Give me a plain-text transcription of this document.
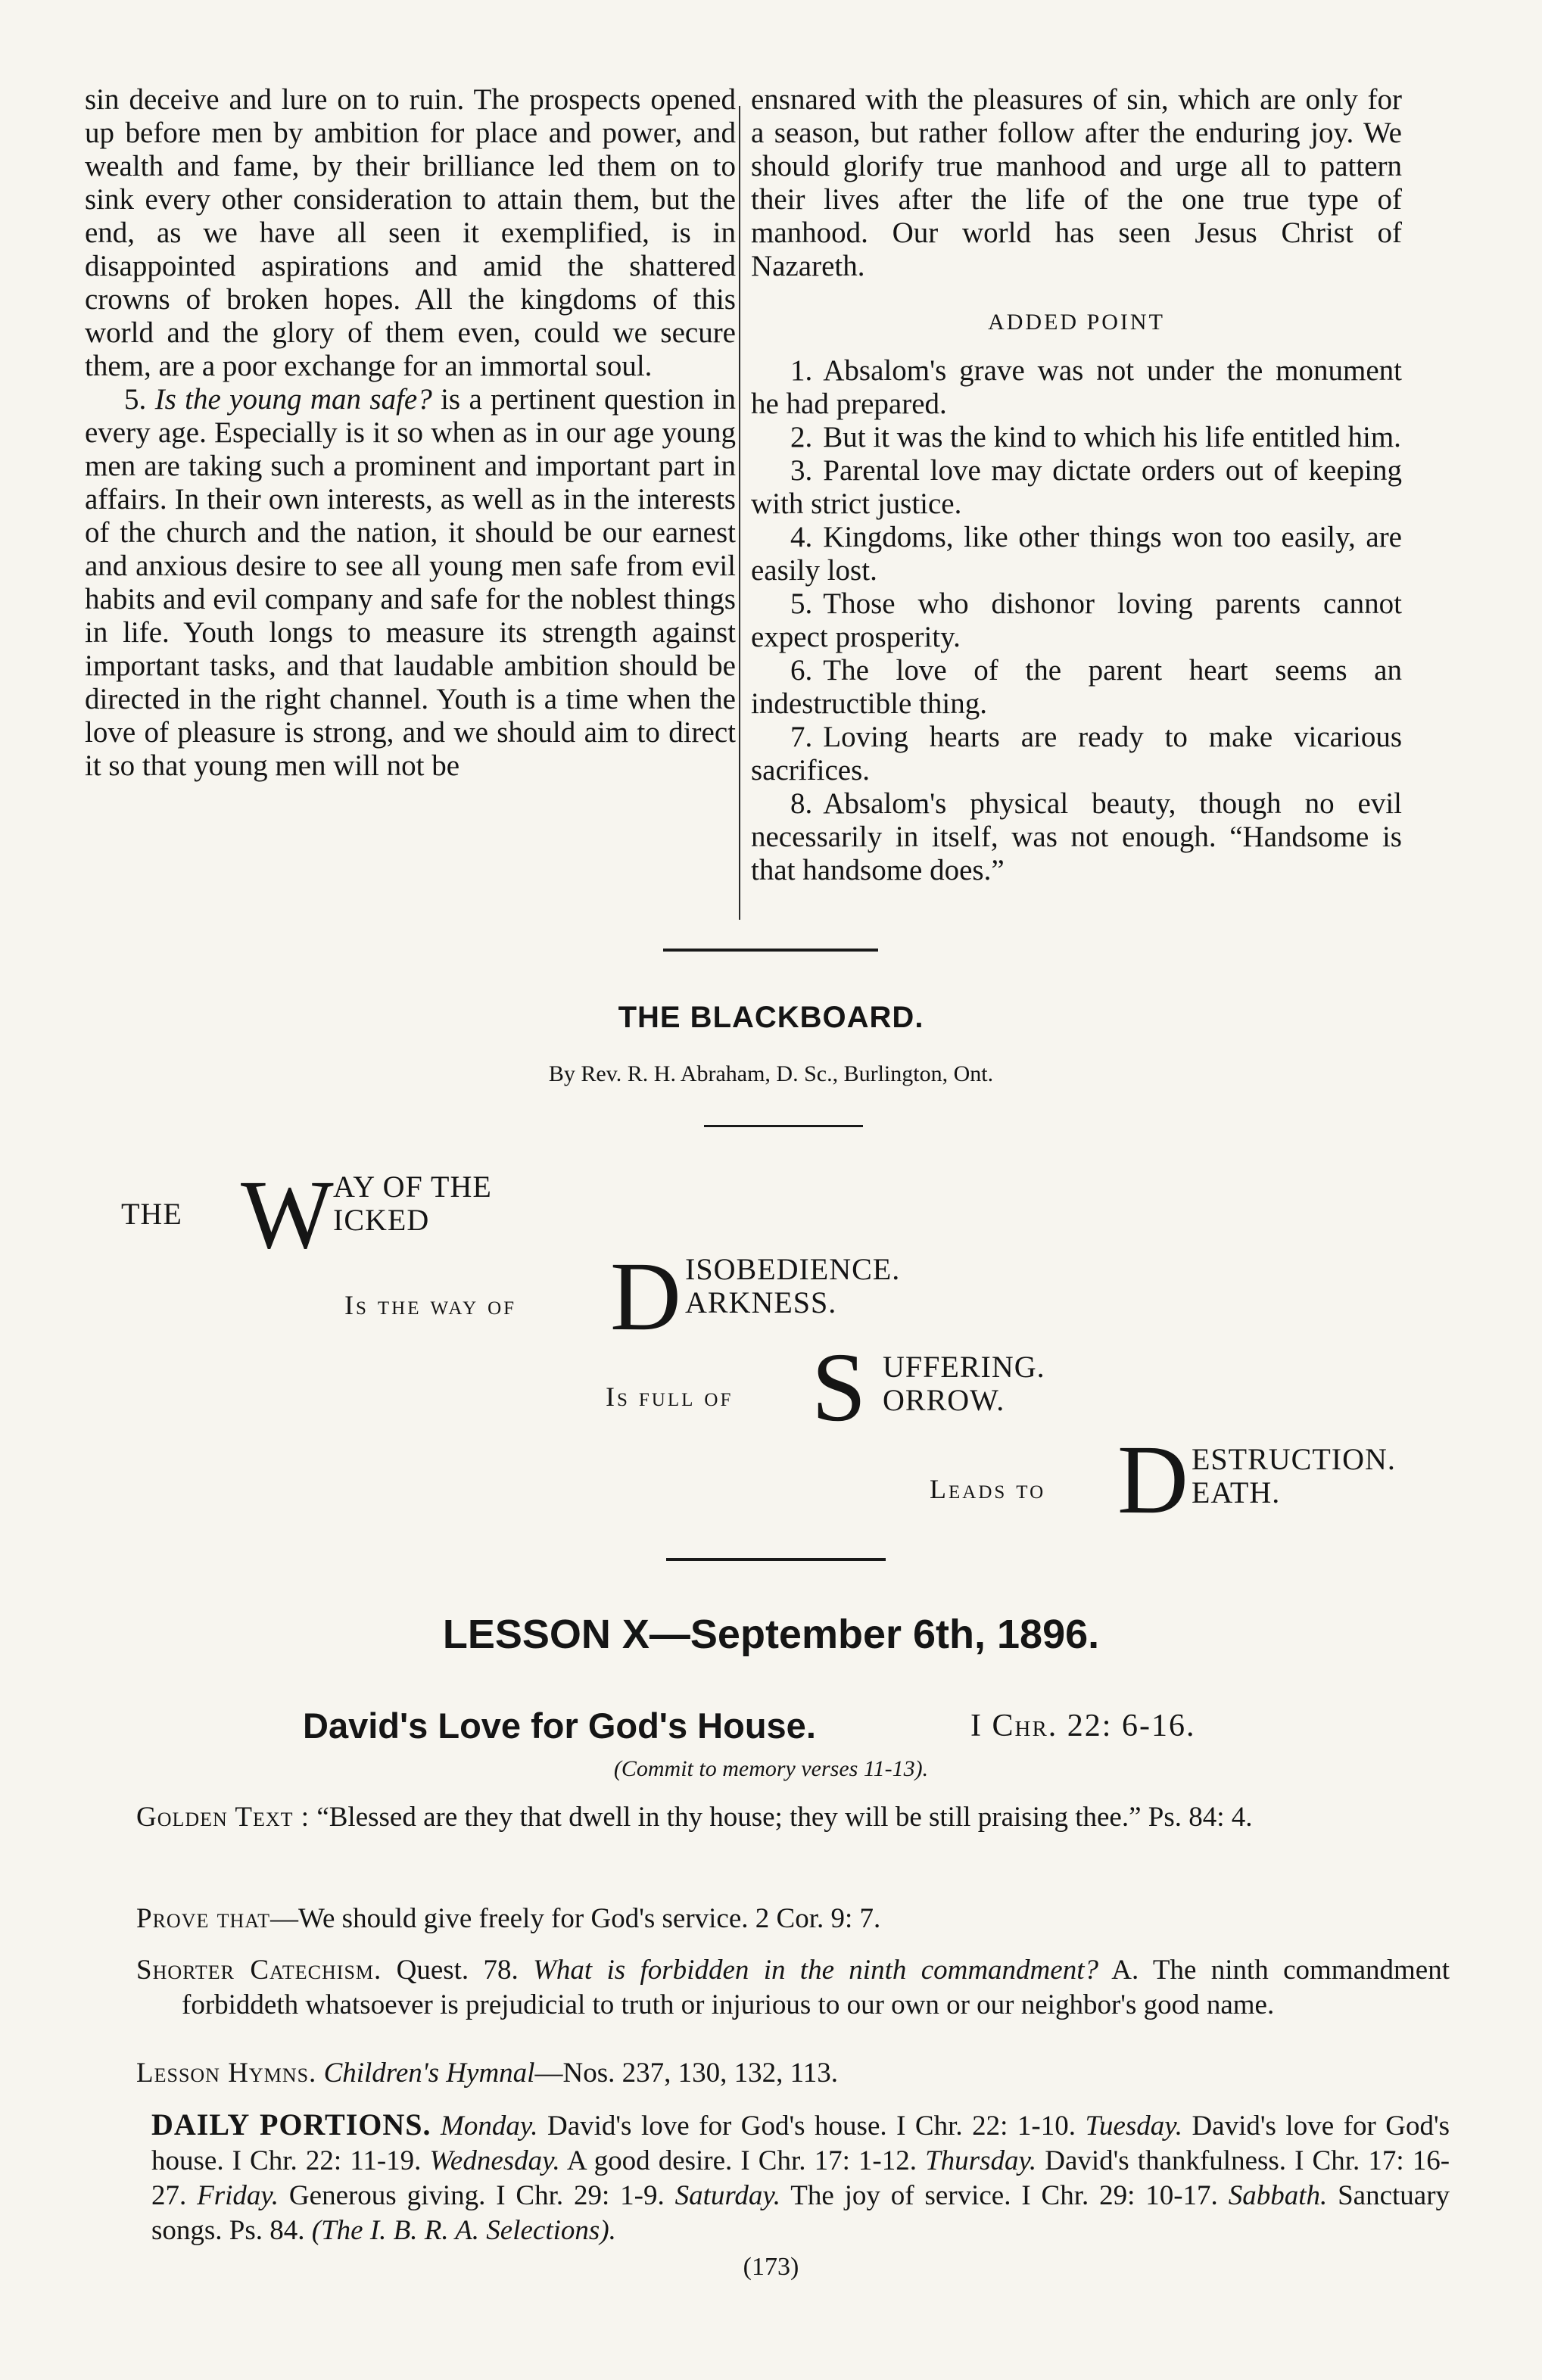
sin deceive and lure on to ruin. The prospects opened up before men by ambition for place and power, and wealth and fame, by their brilliance led them on to sink every other consideration to attain them, but the end, as we have all seen it exemplified, is in disappointed aspirations and amid the shattered crowns of broken hopes. All the kingdoms of this world and the glory of them even, could we secure them, are a poor exchange for an immortal soul.

5. Is the young man safe? is a pertinent question in every age. Especially is it so when as in our age young men are taking such a prominent and important part in affairs. In their own interests, as well as in the interests of the church and the nation, it should be our earnest and anxious desire to see all young men safe from evil habits and evil company and safe for the noblest things in life. Youth longs to measure its strength against important tasks, and that laudable ambition should be directed in the right channel. Youth is a time when the love of pleasure is strong, and we should aim to direct it so that young men will not be

ensnared with the pleasures of sin, which are only for a season, but rather follow after the enduring joy. We should glorify true manhood and urge all to pattern their lives after the life of the one true type of manhood. Our world has seen Jesus Christ of Nazareth.

ADDED POINT

1. Absalom's grave was not under the monument he had prepared.

2. But it was the kind to which his life entitled him.

3. Parental love may dictate orders out of keeping with strict justice.

4. Kingdoms, like other things won too easily, are easily lost.

5. Those who dishonor loving parents cannot expect prosperity.

6. The love of the parent heart seems an indestructible thing.

7. Loving hearts are ready to make vicarious sacrifices.

8. Absalom's physical beauty, though no evil necessarily in itself, was not enough. “Handsome is that handsome does.”

THE BLACKBOARD.
By Rev. R. H. Abraham, D. Sc., Burlington, Ont.
THE W AY OF THE
ICKED
Is the way of D ISOBEDIENCE.
ARKNESS.
Is full of S UFFERING.
ORROW.
Leads to D ESTRUCTION.
EATH.
LESSON X—September 6th, 1896.
David's Love for God's House.	I Chr. 22: 6-16.
(Commit to memory verses 11-13).

Golden Text : “Blessed are they that dwell in thy house; they will be still praising thee.” Ps. 84: 4.

Prove that—We should give freely for God's service. 2 Cor. 9: 7.

Shorter Catechism. Quest. 78. What is forbidden in the ninth commandment? A. The ninth commandment forbiddeth whatsoever is prejudicial to truth or injurious to our own or our neighbor's good name.

Lesson Hymns. Children's Hymnal—Nos. 237, 130, 132, 113.

DAILY PORTIONS. Monday. David's love for God's house. I Chr. 22: 1-10. Tuesday. David's love for God's house. I Chr. 22: 11-19. Wednesday. A good desire. I Chr. 17: 1-12. Thursday. David's thankfulness. I Chr. 17: 16-27. Friday. Generous giving. I Chr. 29: 1-9. Saturday. The joy of service. I Chr. 29: 10-17. Sabbath. Sanctuary songs. Ps. 84. (The I. B. R. A. Selections).
(173)
